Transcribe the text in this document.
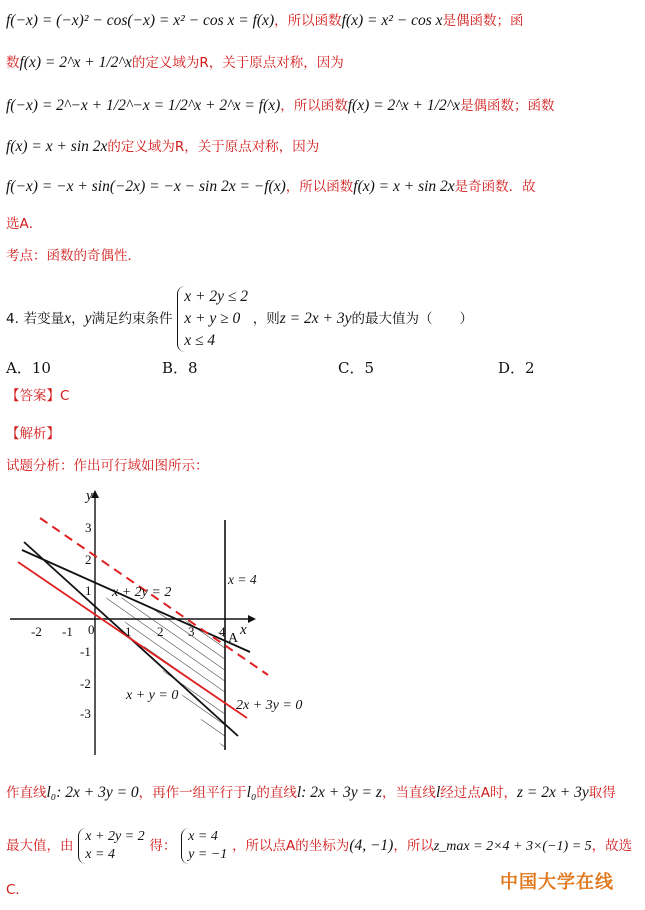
f(−x) = (−x)² − cos(−x) = x² − cos x = f(x)，所以函数f(x) = x² − cos x是偶函数；函
数f(x) = 2^x + 1/2^x的定义域为R，关于原点对称，因为
f(−x) = 2^−x + 1/2^−x = 1/2^x + 2^x = f(x)，所以函数f(x) = 2^x + 1/2^x是偶函数；函数
f(x) = x + sin 2x的定义域为R，关于原点对称，因为
f(−x) = −x + sin(−2x) = −x − sin 2x = −f(x)，所以函数f(x) = x + sin 2x是奇函数．故
选A．
考点：函数的奇偶性．
4. 若变量x，y满足约束条件
x + 2y ≤ 2
x + y ≥ 0
x ≤ 4
，则z = 2x + 3y的最大值为（　　）
A．10	B．8	C．5	D．2
【答案】C
【解析】
试题分析：作出可行域如图所示：
-2 -1 0 1 2 3 4
3
2
1
-1
-2
-3
y
x
x = 4
x + 2y = 2
x + y = 0
2x + 3y = 0
A
作直线l₀: 2x + 3y = 0，再作一组平行于l₀的直线l: 2x + 3y = z，当直线l经过点A时，z = 2x + 3y取得
最大值，由
x + 2y = 2
x = 4
得：
x = 4
y = −1
，所以点A的坐标为(4, −1)，所以z_max = 2×4 + 3×(−1) = 5，故选
C．	中国大学在线
